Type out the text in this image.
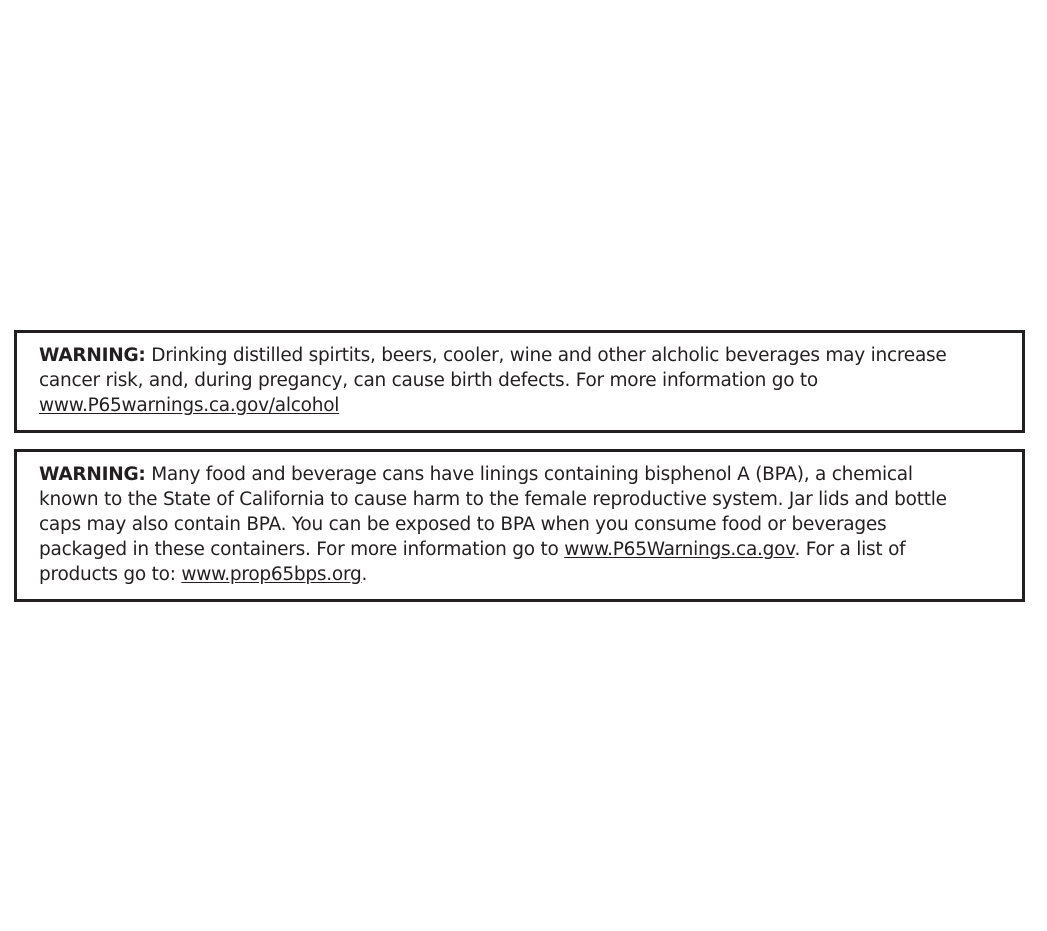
WARNING: Drinking distilled spirtits, beers, cooler, wine and other alcholic beverages may increase
cancer risk, and, during pregancy, can cause birth defects. For more information go to
www.P65warnings.ca.gov/alcohol
WARNING: Many food and beverage cans have linings containing bisphenol A (BPA), a chemical
known to the State of California to cause harm to the female reproductive system. Jar lids and bottle
caps may also contain BPA. You can be exposed to BPA when you consume food or beverages
packaged in these containers. For more information go to www.P65Warnings.ca.gov. For a list of
products go to: www.prop65bps.org.
